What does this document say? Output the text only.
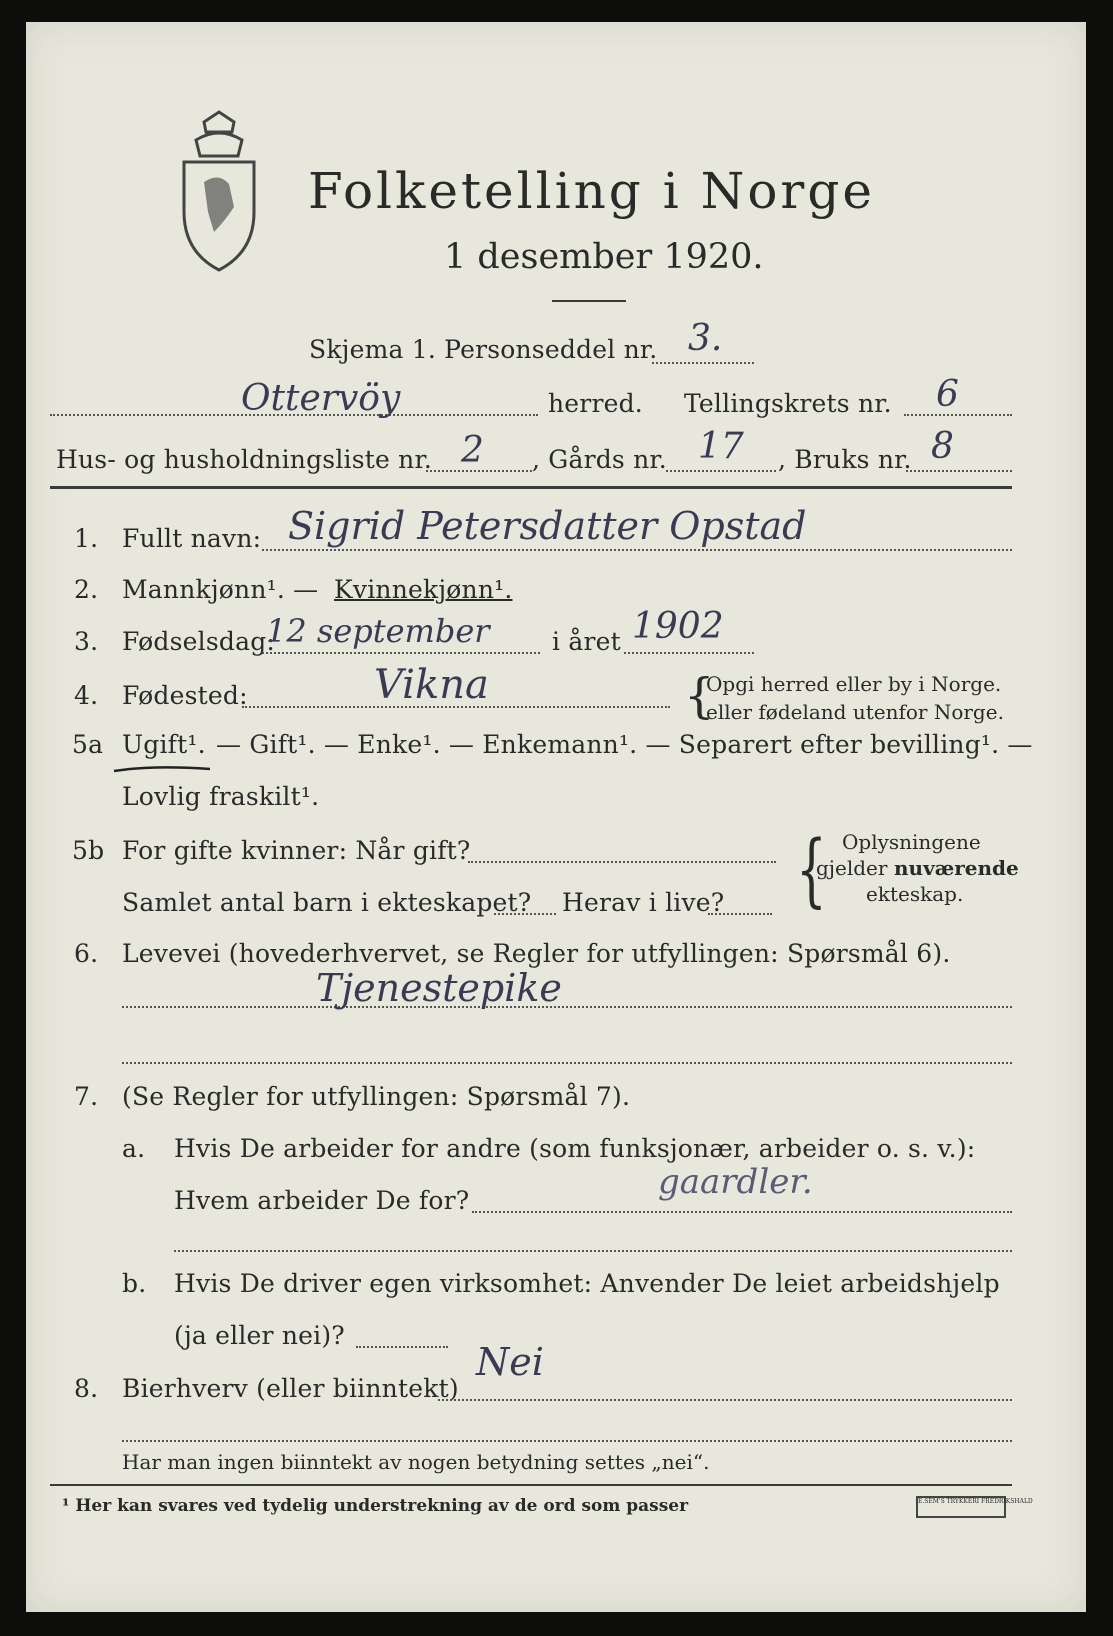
Folketelling i Norge
1 desember 1920.
Skjema 1. Personseddel nr. 3.
Ottervöy	herred. Tellingskrets nr. 6
Hus- og husholdningsliste nr. 2 , Gårds nr. 17 , Bruks nr. 8
1. Fullt navn: Sigrid Petersdatter Opstad
2. Mannkjønn¹. — Kvinnekjønn¹.
3. Fødselsdag:
12 september i året 1902
4. Fødested:	Vikna	{
Opgi herred eller by i Norge.
eller fødeland utenfor Norge.
5a Ugift¹. — Gift¹. — Enke¹. — Enkemann¹. — Separert efter bevilling¹. —
Lovlig fraskilt¹.
5b For gifte kvinner: Når gift?
Samlet antal barn i ekteskapet? Herav i live? { Oplysningene
gjelder nuværende
ekteskap.
6. Levevei (hovederhvervet, se Regler for utfyllingen: Spørsmål 6).
Tjenestepike
7. (Se Regler for utfyllingen: Spørsmål 7).
a. Hvis De arbeider for andre (som funksjonær, arbeider o. s. v.):
Hvem arbeider De for?	gaardler.
b. Hvis De driver egen virksomhet: Anvender De leiet arbeidshjelp
(ja eller nei)?
8. Bierhverv (eller biinntekt)
Nei
Har man ingen biinntekt av nogen betydning settes „nei“.
¹ Her kan svares ved tydelig understrekning av de ord som passer	E.SEM'S TRYKKERI FREDRIKSHALD
